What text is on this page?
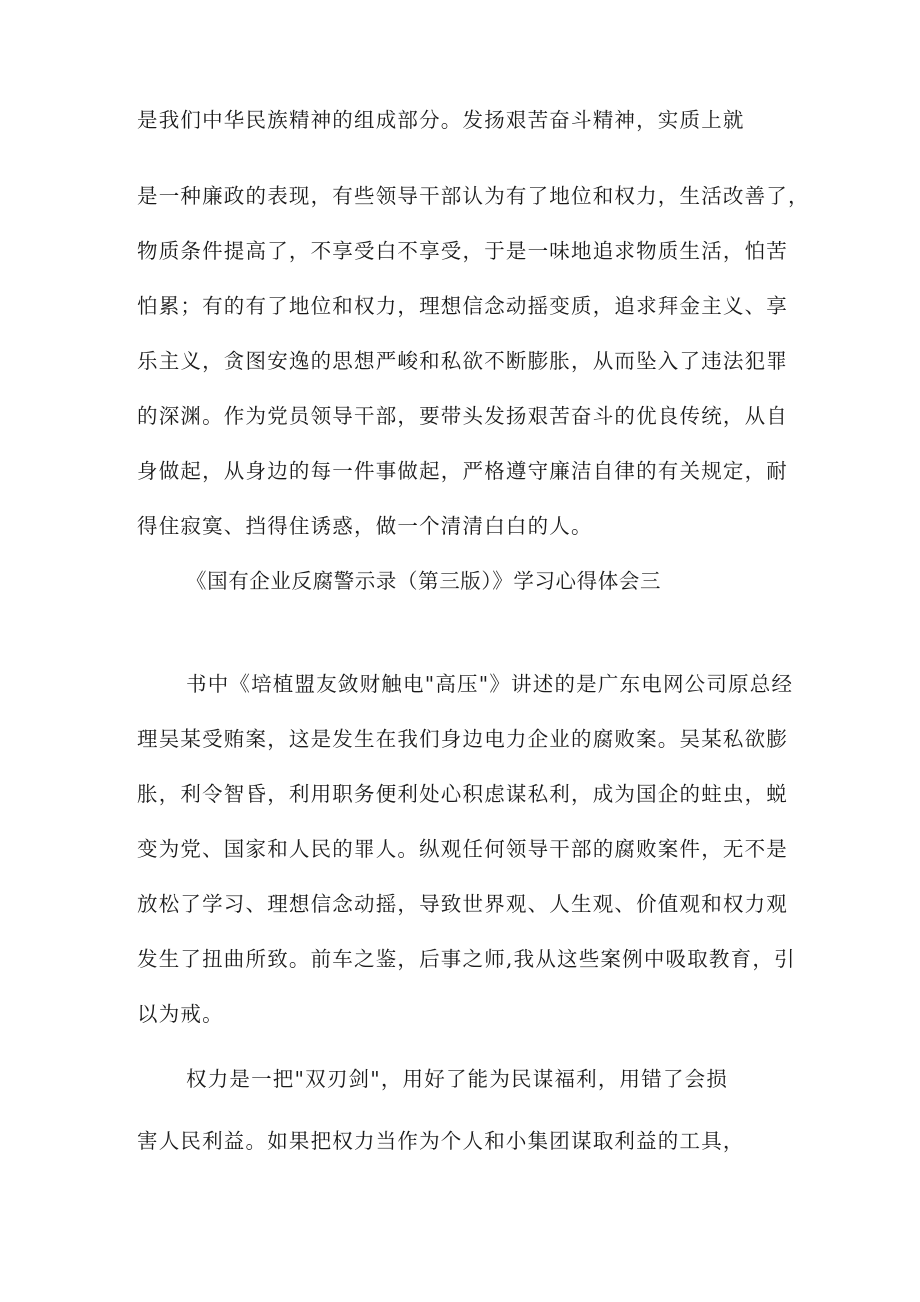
是我们中华民族精神的组成部分。发扬艰苦奋斗精神，实质上就
是一种廉政的表现，有些领导干部认为有了地位和权力，生活改善了，
物质条件提高了，不享受白不享受，于是一味地追求物质生活，怕苦
怕累；有的有了地位和权力，理想信念动摇变质，追求拜金主义、享
乐主义，贪图安逸的思想严峻和私欲不断膨胀，从而坠入了违法犯罪
的深渊。作为党员领导干部，要带头发扬艰苦奋斗的优良传统，从自
身做起，从身边的每一件事做起，严格遵守廉洁自律的有关规定，耐
得住寂寞、挡得住诱惑，做一个清清白白的人。
《国有企业反腐警示录（第三版）》学习心得体会三
书中《培植盟友敛财触电"高压"》讲述的是广东电网公司原总经
理吴某受贿案，这是发生在我们身边电力企业的腐败案。吴某私欲膨
胀，利令智昏，利用职务便利处心积虑谋私利，成为国企的蛀虫，蜕
变为党、国家和人民的罪人。纵观任何领导干部的腐败案件，无不是
放松了学习、理想信念动摇，导致世界观、人生观、价值观和权力观
发生了扭曲所致。前车之鉴，后事之师,我从这些案例中吸取教育，引
以为戒。
权力是一把"双刃剑"，用好了能为民谋福利，用错了会损
害人民利益。如果把权力当作为个人和小集团谋取利益的工具，
